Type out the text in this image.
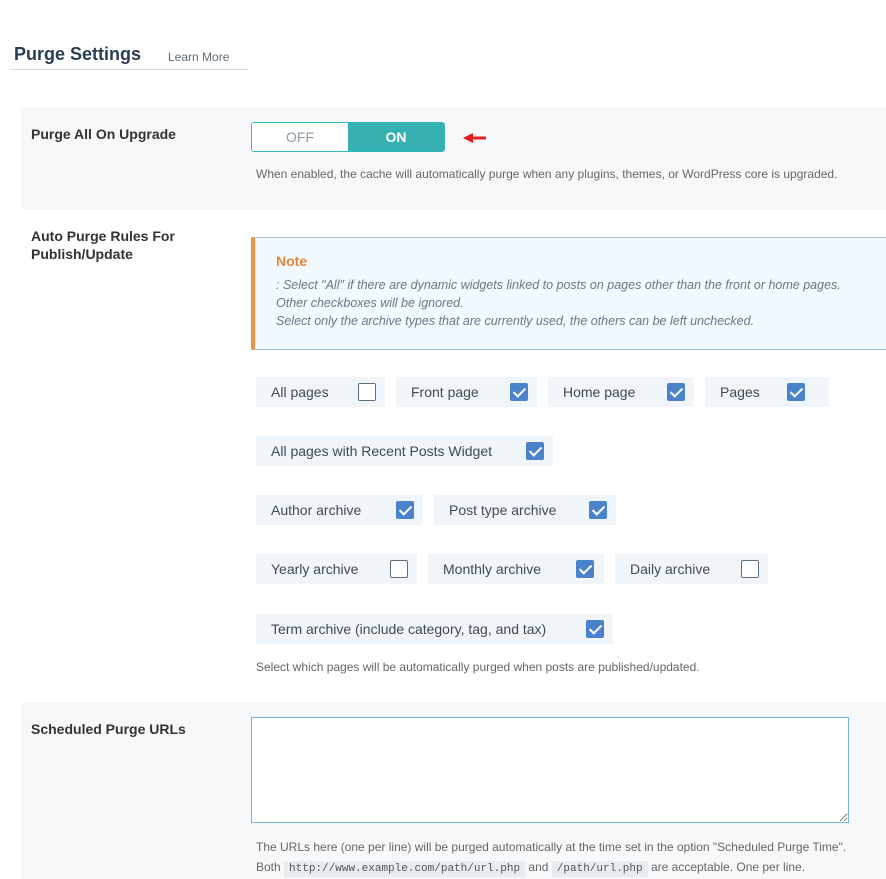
Purge Settings Learn More
Purge All On Upgrade	OFF	ON
When enabled, the cache will automatically purge when any plugins, themes, or WordPress core is upgraded.
Auto Purge Rules For
Publish/Update	Note
: Select "All" if there are dynamic widgets linked to posts on pages other than the front or home pages.
Other checkboxes will be ignored.
Select only the archive types that are currently used, the others can be left unchecked.
All pages	Front page	Home page	Pages
All pages with Recent Posts Widget
Author archive	Post type archive
Yearly archive	Monthly archive	Daily archive
Term archive (include category, tag, and tax)
Select which pages will be automatically purged when posts are published/updated.
Scheduled Purge URLs
The URLs here (one per line) will be purged automatically at the time set in the option "Scheduled Purge Time".
Both http://www.example.com/path/url.php and /path/url.php are acceptable. One per line.
